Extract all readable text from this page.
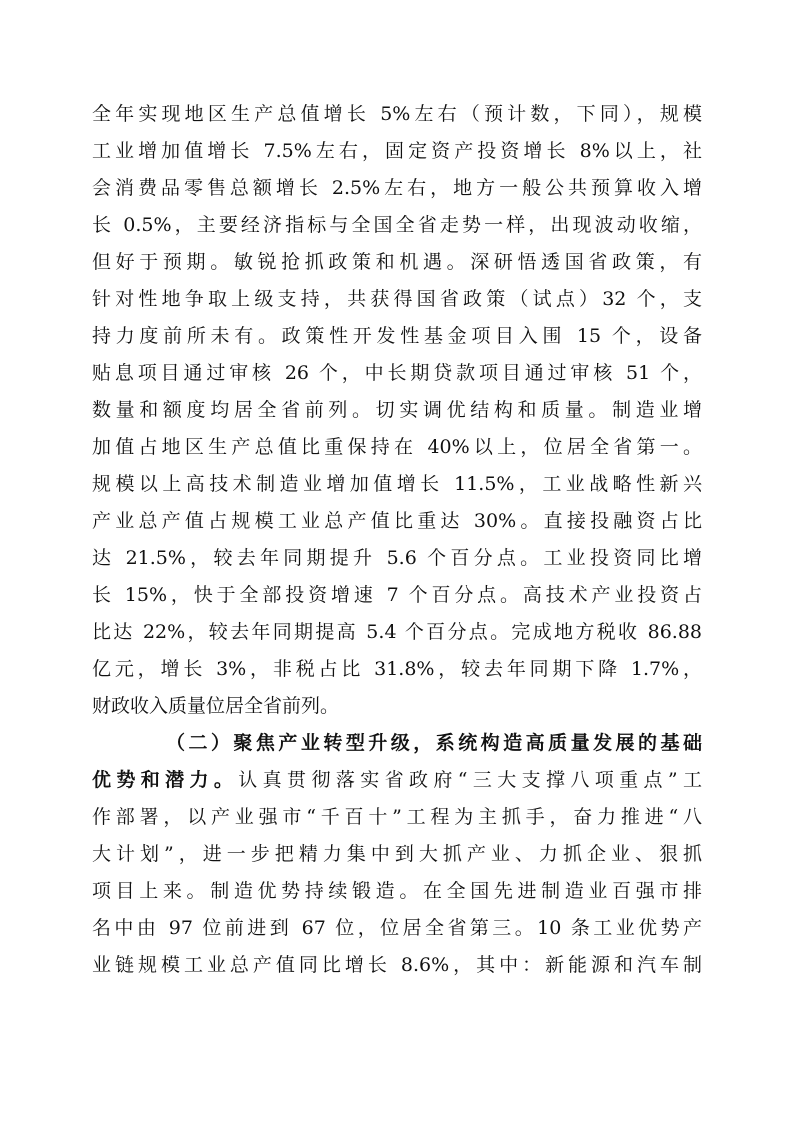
全年实现地区生产总值增长 5%左右（预计数，下同），规模
工业增加值增长 7.5%左右，固定资产投资增长 8%以上，社
会消费品零售总额增长 2.5%左右，地方一般公共预算收入增
长 0.5%，主要经济指标与全国全省走势一样，出现波动收缩，
但好于预期。敏锐抢抓政策和机遇。深研悟透国省政策，有
针对性地争取上级支持，共获得国省政策（试点）32 个，支
持力度前所未有。政策性开发性基金项目入围 15 个，设备
贴息项目通过审核 26 个，中长期贷款项目通过审核 51 个，
数量和额度均居全省前列。切实调优结构和质量。制造业增
加值占地区生产总值比重保持在 40%以上，位居全省第一。
规模以上高技术制造业增加值增长 11.5%，工业战略性新兴
产业总产值占规模工业总产值比重达 30%。直接投融资占比
达 21.5%，较去年同期提升 5.6 个百分点。工业投资同比增
长 15%，快于全部投资增速 7 个百分点。高技术产业投资占
比达 22%，较去年同期提高 5.4 个百分点。完成地方税收 86.88
亿元，增长 3%，非税占比 31.8%，较去年同期下降 1.7%，
财政收入质量位居全省前列。
（二）聚焦产业转型升级，系统构造高质量发展的基础
优势和潜力。认真贯彻落实省政府“三大支撑八项重点”工
作部署，以产业强市“千百十”工程为主抓手，奋力推进“八
大计划”，进一步把精力集中到大抓产业、力抓企业、狠抓
项目上来。制造优势持续锻造。在全国先进制造业百强市排
名中由 97 位前进到 67 位，位居全省第三。10 条工业优势产
业链规模工业总产值同比增长 8.6%，其中：新能源和汽车制
